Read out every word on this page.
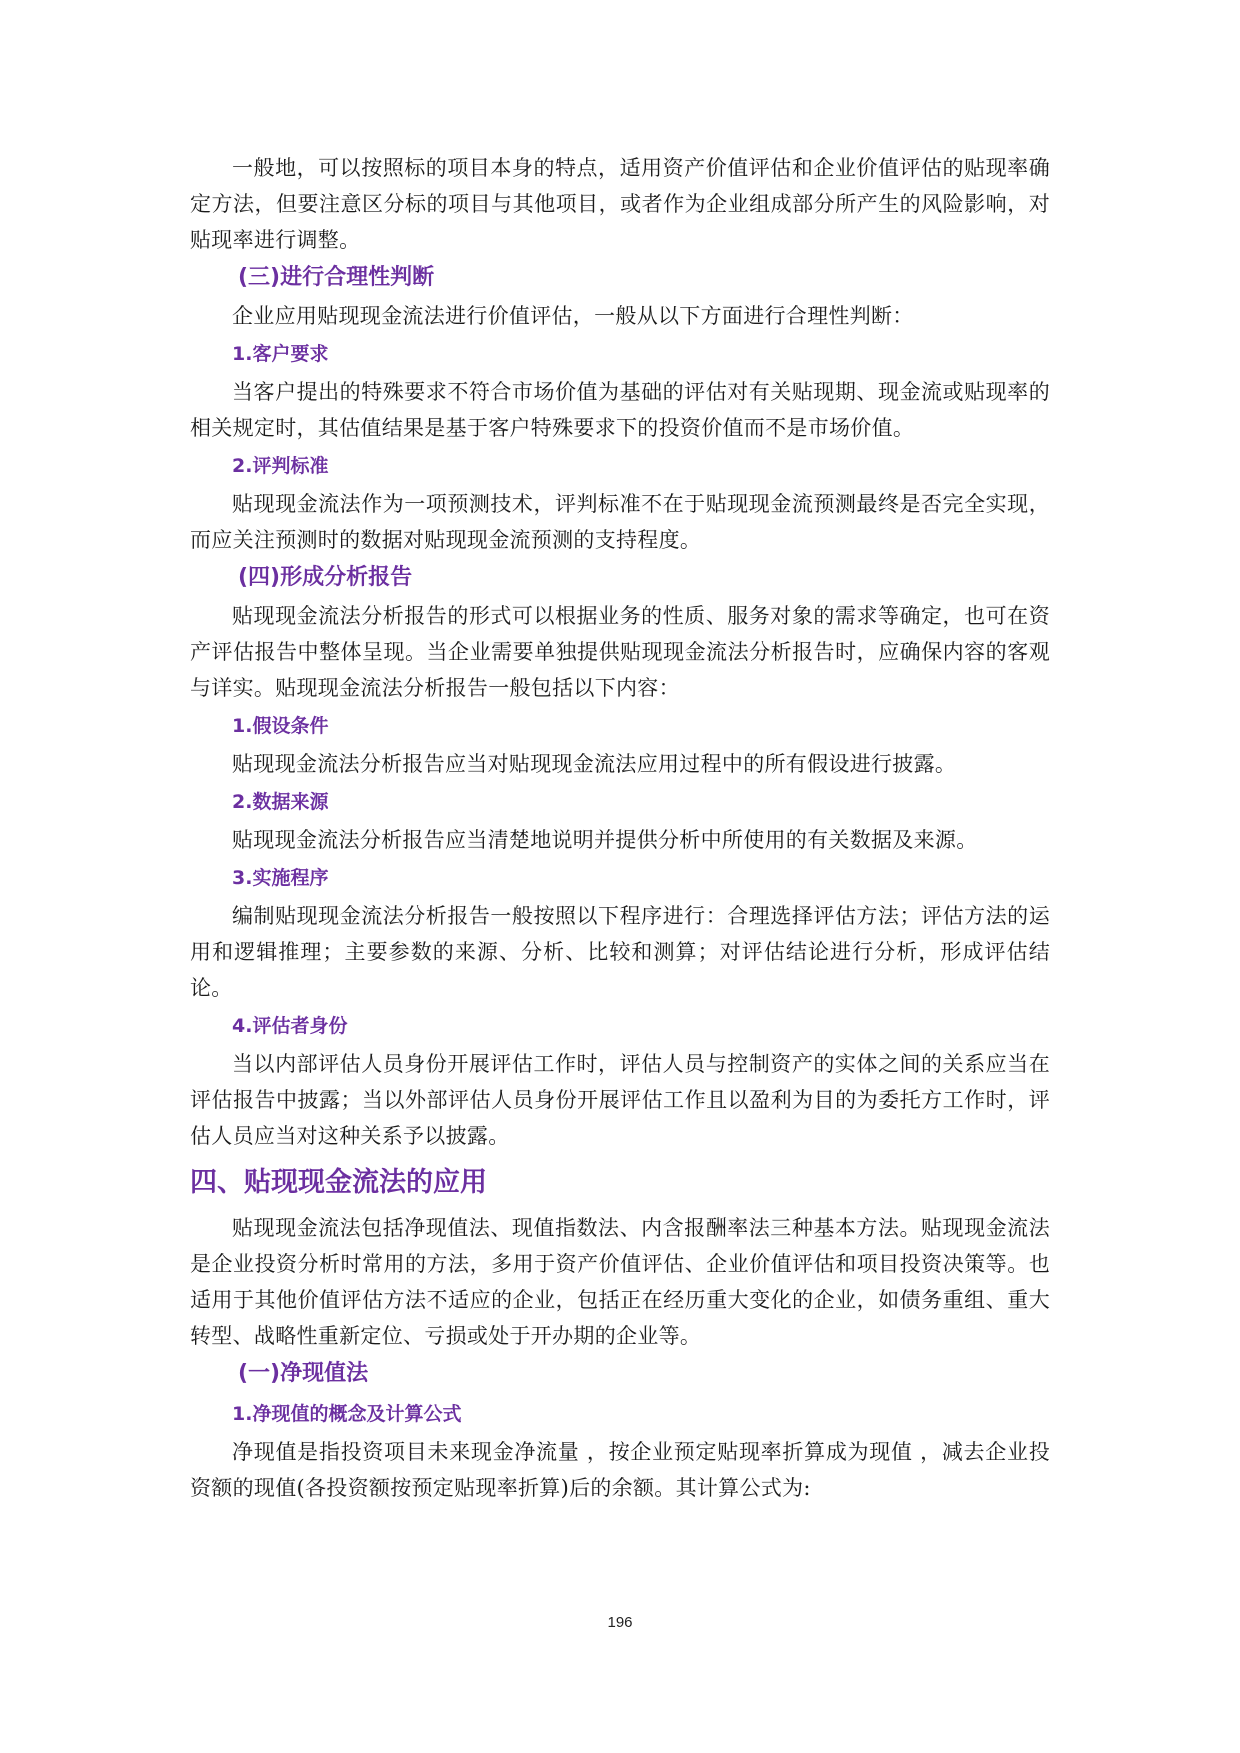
一般地，可以按照标的项目本身的特点，适用资产价值评估和企业价值评估的贴现率确定方法，但要注意区分标的项目与其他项目，或者作为企业组成部分所产生的风险影响，对贴现率进行调整。

(三)进行合理性判断

企业应用贴现现金流法进行价值评估，一般从以下方面进行合理性判断：

1.客户要求

当客户提出的特殊要求不符合市场价值为基础的评估对有关贴现期、现金流或贴现率的相关规定时，其估值结果是基于客户特殊要求下的投资价值而不是市场价值。

2.评判标准

贴现现金流法作为一项预测技术，评判标准不在于贴现现金流预测最终是否完全实现，而应关注预测时的数据对贴现现金流预测的支持程度。

(四)形成分析报告

贴现现金流法分析报告的形式可以根据业务的性质、服务对象的需求等确定，也可在资产评估报告中整体呈现。当企业需要单独提供贴现现金流法分析报告时，应确保内容的客观与详实。贴现现金流法分析报告一般包括以下内容：

1.假设条件

贴现现金流法分析报告应当对贴现现金流法应用过程中的所有假设进行披露。

2.数据来源

贴现现金流法分析报告应当清楚地说明并提供分析中所使用的有关数据及来源。

3.实施程序

编制贴现现金流法分析报告一般按照以下程序进行：合理选择评估方法；评估方法的运用和逻辑推理；主要参数的来源、分析、比较和测算；对评估结论进行分析，形成评估结论。

4.评估者身份

当以内部评估人员身份开展评估工作时，评估人员与控制资产的实体之间的关系应当在评估报告中披露；当以外部评估人员身份开展评估工作且以盈利为目的为委托方工作时，评估人员应当对这种关系予以披露。

四、贴现现金流法的应用

贴现现金流法包括净现值法、现值指数法、内含报酬率法三种基本方法。贴现现金流法是企业投资分析时常用的方法，多用于资产价值评估、企业价值评估和项目投资决策等。也适用于其他价值评估方法不适应的企业，包括正在经历重大变化的企业，如债务重组、重大转型、战略性重新定位、亏损或处于开办期的企业等。

(一)净现值法
1.净现值的概念及计算公式

净现值是指投资项目未来现金净流量 ，按企业预定贴现率折算成为现值 ，减去企业投资额的现值(各投资额按预定贴现率折算)后的余额。其计算公式为:

196
